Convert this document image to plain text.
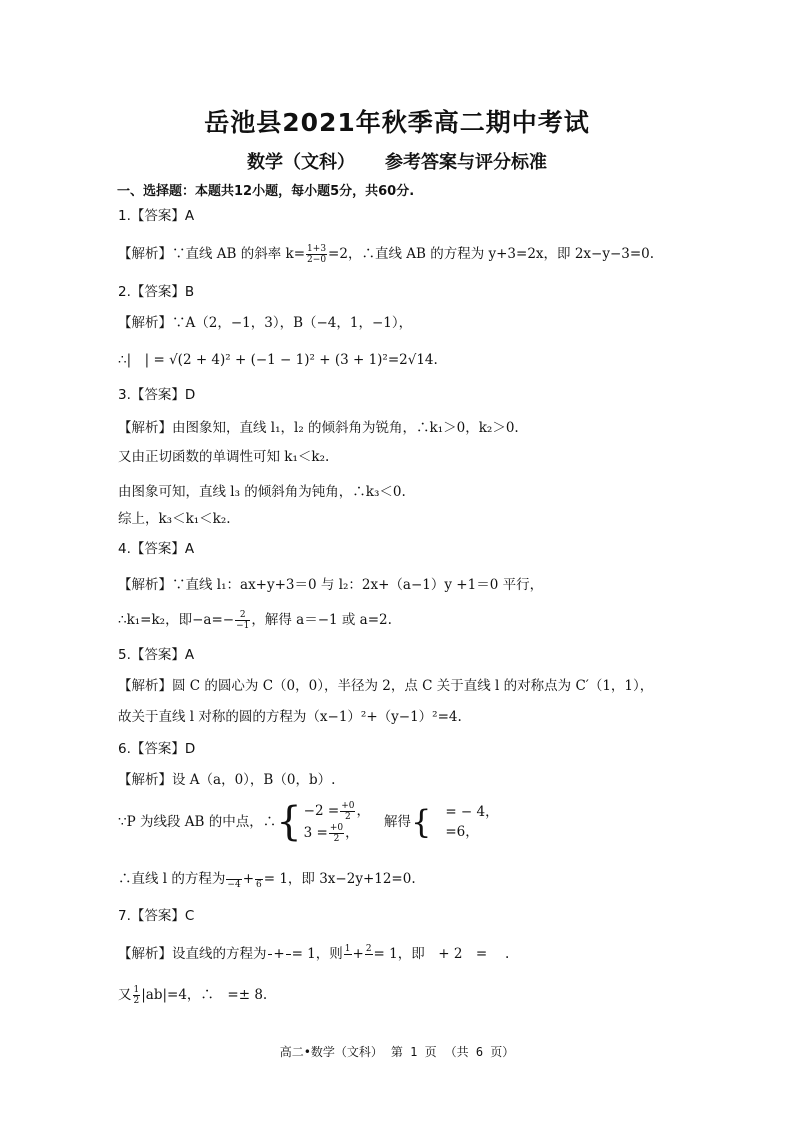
岳池县2021年秋季高二期中考试
数学（文科） 参考答案与评分标准
一、选择题：本题共12小题，每小题5分，共60分.
1.【答案】A
【解析】∵直线 AB 的斜率 $k= \frac{1+3}{2-0} =2$，∴直线 AB 的方程为 y+3=2x，即 2x−y−3=0.
2.【答案】B
【解析】∵A（2，−1，3），B（−4，1，−1），
∴|　| = √(2 + 4)² + (−1 − 1)² + (3 + 1)²=2√14.
3.【答案】D
【解析】由图象知，直线 l₁，l₂ 的倾斜角为锐角，∴k₁＞0，k₂＞0.
又由正切函数的单调性可知 k₁＜k₂.
由图象可知，直线 l₃ 的倾斜角为钝角，∴k₃＜0.
综上，k₃＜k₁＜k₂.
4.【答案】A
【解析】∵直线 l₁：ax+y+3＝0 与 l₂：2x+（a−1）y +1＝0 平行，
∴k₁=k₂，即$-a=- \frac{2}{-1}$ ，解得 a＝−1 或 a=2.
5.【答案】A
【解析】圆 C 的圆心为 C（0，0），半径为 2，点 C 关于直线 l 的对称点为 C′（1，1），
故关于直线 l 对称的圆的方程为（x−1）²+（y−1）²=4.
6.【答案】D
【解析】设 A（a，0），B（0，b）.
∵P 为线段 AB 的中点，∴{ $-2 = \frac{+0}{2}$ ，
$3 = \frac{+0}{2}$ ，解得{ = − 4，
=6，
∴直线 l 的方程为
−4 +
6 = 1，即 3x−2y+12=0.
7.【答案】C
【解析】设直线的方程为

+

= 1，则 1
+ 2
= 1，即　+ 2　=　 .
又 $\frac{1}{2} |ab|=4$，∴　=± 8.
高二•数学（文科） 第 1 页 （共 6 页）
